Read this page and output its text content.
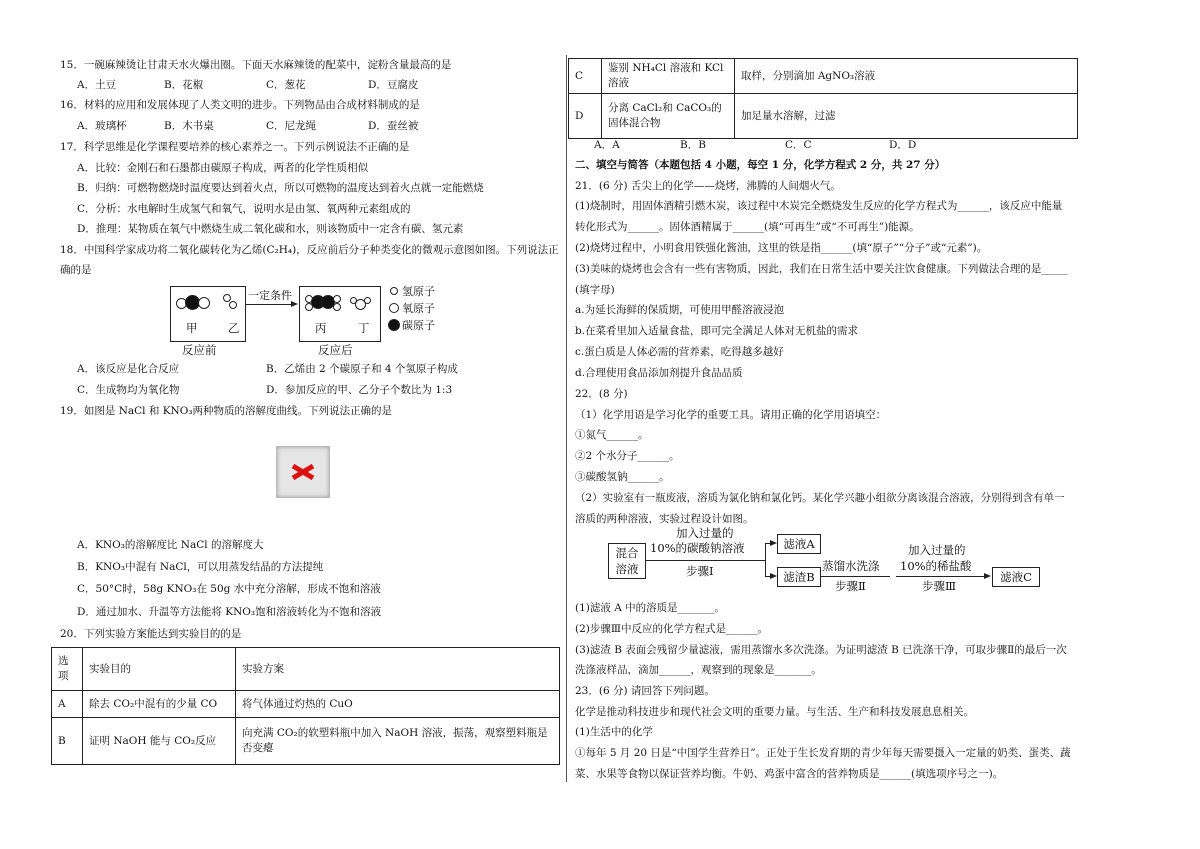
15．一碗麻辣烫让甘肃天水火爆出圈。下面天水麻辣烫的配菜中，淀粉含量最高的是
A．土豆	B．花椒	C．葱花	D．豆腐皮
16．材料的应用和发展体现了人类文明的进步。下列物品由合成材料制成的是
A．玻璃杯	B．木书桌	C．尼龙绳	D．蚕丝被
17．科学思维是化学课程要培养的核心素养之一。下列示例说法不正确的是
A．比较：金刚石和石墨都由碳原子构成，两者的化学性质相似
B．归纳：可燃物燃烧时温度要达到着火点，所以可燃物的温度达到着火点就一定能燃烧
C．分析：水电解时生成氢气和氧气，说明水是由氢、氧两种元素组成的
D．推理：某物质在氧气中燃烧生成二氧化碳和水，则该物质中一定含有碳、氢元素
18．中国科学家成功将二氧化碳转化为乙烯(C₂H₄)，反应前后分子种类变化的微观示意图如图。下列说法正
确的是
甲	乙
反应前
一定条件
丙	丁
反应后
氢原子
氧原子
碳原子
A．该反应是化合反应	B．乙烯由 2 个碳原子和 4 个氢原子构成
C．生成物均为氧化物	D．参加反应的甲、乙分子个数比为 1:3
19．如图是 NaCl 和 KNO₃两种物质的溶解度曲线。下列说法正确的是
A．KNO₃的溶解度比 NaCl 的溶解度大
B．KNO₃中混有 NaCl，可以用蒸发结晶的方法提纯
C．50°C时，58g KNO₃在 50g 水中充分溶解，形成不饱和溶液
D．通过加水、升温等方法能将 KNO₃饱和溶液转化为不饱和溶液
20．下列实验方案能达到实验目的的是
选项	实验目的	实验方案
A	除去 CO₂中混有的少量 CO	将气体通过灼热的 CuO
B	证明 NaOH 能与 CO₂反应	向充满 CO₂的软塑料瓶中加入 NaOH 溶液，振荡，观察塑料瓶是否变瘪
C	鉴别 NH₄Cl 溶液和 KCl 溶液	取样，分别滴加 AgNO₃溶液
D	分离 CaCl₂和 CaCO₃的固体混合物	加足量水溶解，过滤
A．A	B．B	C．C	D．D
二、填空与简答（本题包括 4 小题，每空 1 分，化学方程式 2 分，共 27 分）
21．(6 分) 舌尖上的化学——烧烤，沸腾的人间烟火气。
(1)烧制时，用固体酒精引燃木炭，该过程中木炭完全燃烧发生反应的化学方程式为______，该反应中能量
转化形式为______。固体酒精属于______(填“可再生”或“不可再生”)能源。
(2)烧烤过程中，小明食用铁强化酱油，这里的铁是指______(填“原子”“分子”或“元素”)。
(3)美味的烧烤也会含有一些有害物质，因此，我们在日常生活中要关注饮食健康。下列做法合理的是_____
(填字母)
a.为延长海鲜的保质期，可使用甲醛溶液浸泡
b.在菜肴里加入适量食盐，即可完全满足人体对无机盐的需求
c.蛋白质是人体必需的营养素，吃得越多越好
d.合理使用食品添加剂提升食品品质
22．(8 分)
（1）化学用语是学习化学的重要工具。请用正确的化学用语填空：
①氮气______。
②2 个水分子______。
③碳酸氢钠______。
（2）实验室有一瓶废液，溶质为氯化钠和氯化钙。某化学兴趣小组欲分离该混合溶液，分别得到含有单一
溶质的两种溶液，实验过程设计如图。
混合溶液
加入过量的
10%的碳酸钠溶液
步骤Ⅰ
滤液A
滤渣B
蒸馏水洗涤
步骤Ⅱ
加入过量的
10%的稀盐酸
步骤Ⅲ
滤液C
(1)滤液 A 中的溶质是_______。
(2)步骤Ⅲ中反应的化学方程式是______。
(3)滤渣 B 表面会残留少量滤液，需用蒸馏水多次洗涤。为证明滤渣 B 已洗涤干净，可取步骤Ⅱ的最后一次
洗涤液样品，滴加______，观察到的现象是_______。
23．(6 分) 请回答下列问题。
化学是推动科技进步和现代社会文明的重要力量。与生活、生产和科技发展息息相关。
(1)生活中的化学
①每年 5 月 20 日是“中国学生营养日”。正处于生长发育期的青少年每天需要摄入一定量的奶类、蛋类、蔬
菜、水果等食物以保证营养均衡。牛奶、鸡蛋中富含的营养物质是______(填选项序号之一)。
